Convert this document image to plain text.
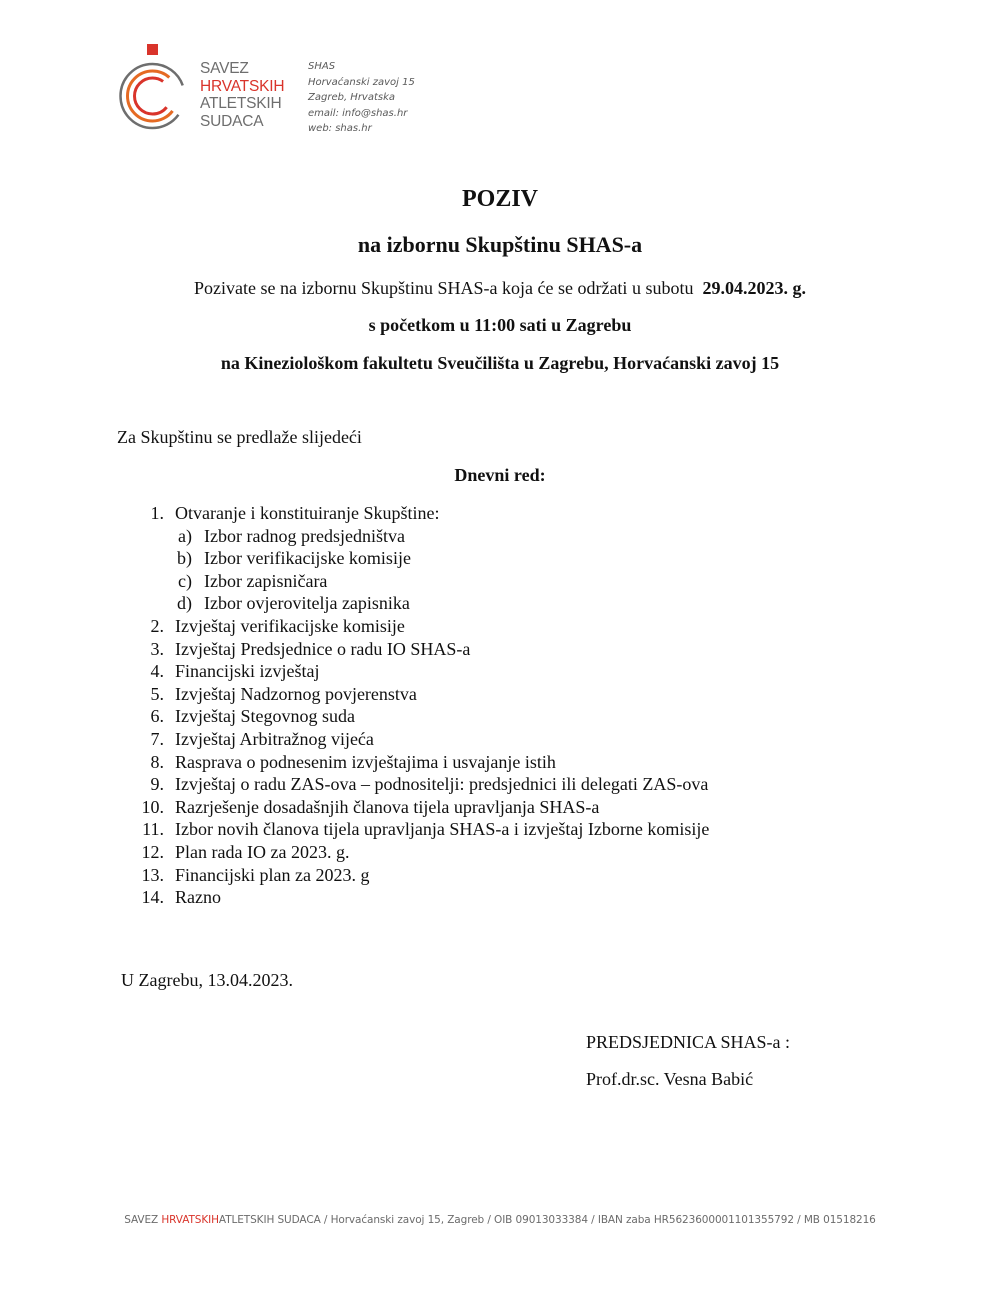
SAVEZ
HRVATSKIH
ATLETSKIH
SUDACA
SHAS
Horvaćanski zavoj 15
Zagreb, Hrvatska
email: info@shas.hr
web: shas.hr
POZIV
na izbornu Skupštinu SHAS-a
Pozivate se na izbornu Skupštinu SHAS-a koja će se održati u subotu 29.04.2023. g.
s početkom u 11:00 sati u Zagrebu
na Kineziološkom fakultetu Sveučilišta u Zagrebu, Horvaćanski zavoj 15
Za Skupštinu se predlaže slijedeći
Dnevni red:
1. Otvaranje i konstituiranje Skupštine:
a) Izbor radnog predsjedništva
b) Izbor verifikacijske komisije
c) Izbor zapisničara
d) Izbor ovjerovitelja zapisnika
2. Izvještaj verifikacijske komisije
3. Izvještaj Predsjednice o radu IO SHAS-a
4. Financijski izvještaj
5. Izvještaj Nadzornog povjerenstva
6. Izvještaj Stegovnog suda
7. Izvještaj Arbitražnog vijeća
8. Rasprava o podnesenim izvještajima i usvajanje istih
9. Izvještaj o radu ZAS-ova – podnositelji: predsjednici ili delegati ZAS-ova
10. Razrješenje dosadašnjih članova tijela upravljanja SHAS-a
11. Izbor novih članova tijela upravljanja SHAS-a i izvještaj Izborne komisije
12. Plan rada IO za 2023. g.
13. Financijski plan za 2023. g
14. Razno
U Zagrebu, 13.04.2023.
PREDSJEDNICA SHAS-a :
Prof.dr.sc. Vesna Babić
SAVEZ HRVATSKIHATLETSKIH SUDACA / Horvaćanski zavoj 15, Zagreb / OIB 09013033384 / IBAN zaba HR5623600001101355792 / MB 01518216
